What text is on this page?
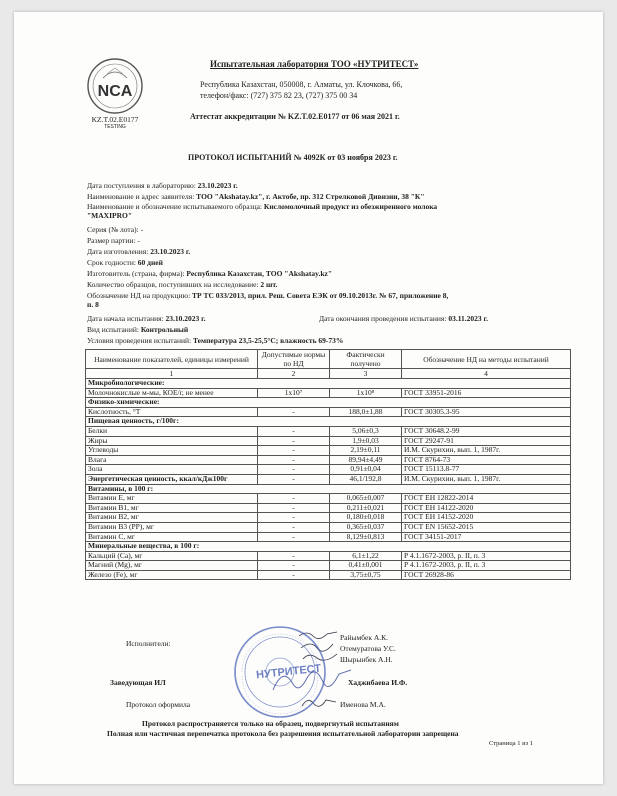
NCA
KZ.T.02.E0177
TESTING
Испытательная лаборатория ТОО «НУТРИТЕСТ»
Республика Казахстан, 050008, г. Алматы, ул. Клочкова, 66,
телефон/факс: (727) 375 82 23, (727) 375 00 34
Аттестат аккредитации № KZ.T.02.E0177 от 06 мая 2021 г.
ПРОТОКОЛ ИСПЫТАНИЙ № 4092К от 03 ноября 2023 г.
Дата поступления в лабораторию: 23.10.2023 г.
Наименование и адрес заявителя: ТОО "Akshatay.kz", г. Актобе, пр. 312 Стрелковой Дивизии, 38 "К"
Наименование и обозначение испытываемого образца: Кисломолочный продукт из обезжиренного молока
"MAXIPRO"
Серия (№ лота): -
Размер партии: -
Дата изготовления: 23.10.2023 г.
Срок годности: 60 дней
Изготовитель (страна, фирма): Республика Казахстан, ТОО "Akshatay.kz"
Количество образцов, поступивших на исследование: 2 шт.
Обозначение НД на продукцию: ТР ТС 033/2013, прил. Реш. Совета ЕЭК от 09.10.2013г. № 67, приложение 8,
п. 8
Дата начала испытания: 23.10.2023 г.	Дата окончания проведения испытания: 03.11.2023 г.
Вид испытаний: Контрольный
Условия проведения испытаний: Температура 23,5-25,5°С; влажность 69-73%
Наименование показателей, единицы измерений	Допустимые нормы по НД	Фактически получено	Обозначение НД на методы испытаний
1	2	3	4
Микробиологические:			
Молочнокислые м-мы, КОЕ/г, не менее	1х10⁷	1х10⁸	ГОСТ 33951-2016
Физико-химические:			
Кислотность, °Т	-	188,0±1,88	ГОСТ 30305.3-95
Пищевая ценность, г/100г:			
Белки	-	5,06±0,3	ГОСТ 30648.2-99
Жиры	-	1,9±0,03	ГОСТ 29247-91
Углеводы	-	2,19±0,11	И.М. Скурихин, вып. 1, 1987г.
Влага	-	89,94±4,49	ГОСТ 8764-73
Зола	-	0,91±0,04	ГОСТ 15113.8-77
Энергетическая ценность, ккал/кДж100г	-	46,1/192,8	И.М. Скурихин, вып. 1, 1987г.
Витамины, в 100 г:			
Витамин Е, мг	-	0,065±0,007	ГОСТ EH 12822-2014
Витамин В1, мг	-	0,211±0,021	ГОСТ EH 14122-2020
Витамин В2, мг	-	0,180±0,018	ГОСТ EH 14152-2020
Витамин В3 (РР), мг	-	0,365±0,037	ГОСТ EN 15652-2015
Витамин С, мг	-	8,129±0,813	ГОСТ 34151-2017
Минеральные вещества, в 100 г:			
Кальций (Ca), мг	-	6,1±1,22	Р 4.1.1672-2003, р. II, п. 3
Магний (Mg), мг	-	0,41±0,001	Р 4.1.1672-2003, р. II, п. 3
Железо (Fe), мг	-	3,75±0,75	ГОСТ 26928-86
Исполнители:
Райымбек А.К.
Отемуратова У.С.
Шырынбек А.Н.
Заведующая ИЛ	Хаджибаева И.Ф.
Протокол оформила	Именова М.А.
НУТРИТЕСТ
Протокол распространяется только на образец, подвергнутый испытаниям
Полная или частичная перепечатка протокола без разрешения испытательной лаборатории запрещена
Страница 1 из 1
